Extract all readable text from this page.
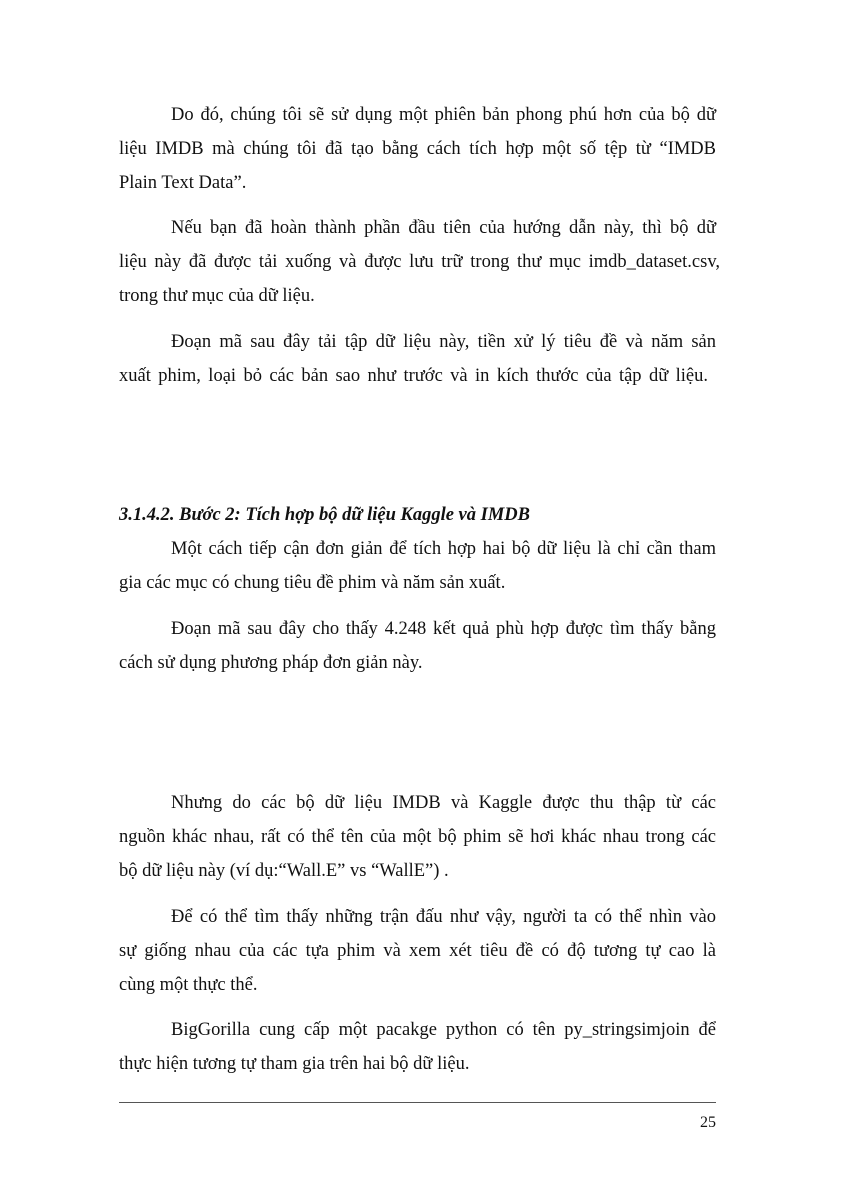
Do đó, chúng tôi sẽ sử dụng một phiên bản phong phú hơn của bộ dữ
liệu IMDB mà chúng tôi đã tạo bằng cách tích hợp một số tệp từ “IMDB
Plain Text Data”.
Nếu bạn đã hoàn thành phần đầu tiên của hướng dẫn này, thì bộ dữ
liệu này đã được tải xuống và được lưu trữ trong thư mục imdb_dataset.csv,
trong thư mục của dữ liệu.
Đoạn mã sau đây tải tập dữ liệu này, tiền xử lý tiêu đề và năm sản
xuất phim, loại bỏ các bản sao như trước và in kích thước của tập dữ liệu.
3.1.4.2. Bước 2: Tích hợp bộ dữ liệu Kaggle và IMDB
Một cách tiếp cận đơn giản để tích hợp hai bộ dữ liệu là chỉ cần tham
gia các mục có chung tiêu đề phim và năm sản xuất.
Đoạn mã sau đây cho thấy 4.248 kết quả phù hợp được tìm thấy bằng
cách sử dụng phương pháp đơn giản này.
Nhưng do các bộ dữ liệu IMDB và Kaggle được thu thập từ các
nguồn khác nhau, rất có thể tên của một bộ phim sẽ hơi khác nhau trong các
bộ dữ liệu này (ví dụ:“Wall.E” vs “WallE”) .
Để có thể tìm thấy những trận đấu như vậy, người ta có thể nhìn vào
sự giống nhau của các tựa phim và xem xét tiêu đề có độ tương tự cao là
cùng một thực thể.
BigGorilla cung cấp một pacakge python có tên py_stringsimjoin để
thực hiện tương tự tham gia trên hai bộ dữ liệu.
25
